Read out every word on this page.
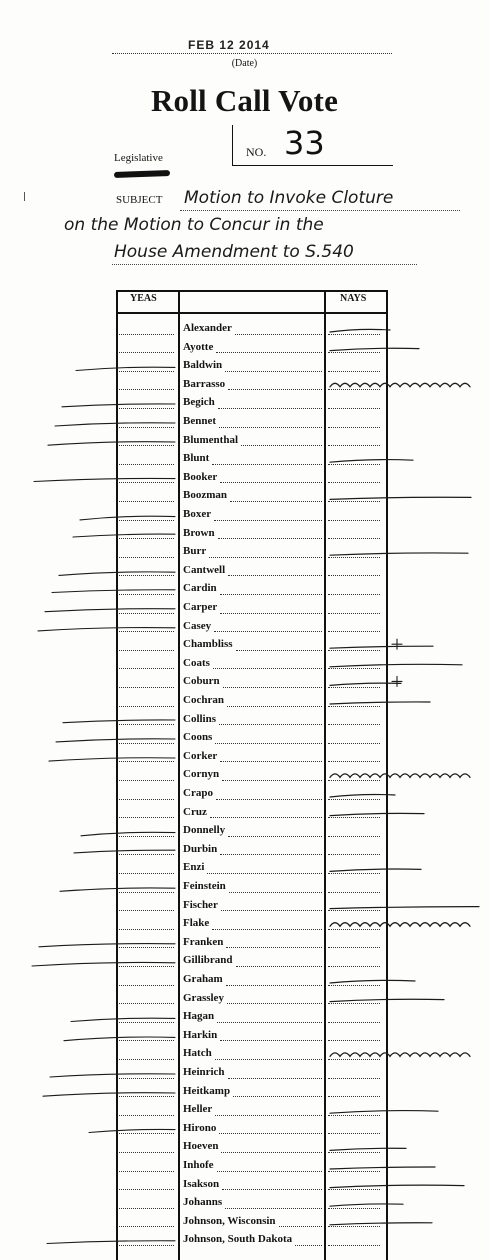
FEB 12 2014
(Date)
Roll Call Vote
NO. 33
Legislative
SUBJECT Motion to Invoke Cloture
on the Motion to Concur in the
House Amendment to S.540
YEAS	NAYS
Alexander
Ayotte
Baldwin
Barrasso
Begich
Bennet
Blumenthal
Blunt
Booker
Boozman
Boxer
Brown
Burr
Cantwell
Cardin
Carper
Casey
Chambliss
Coats
Coburn
Cochran
Collins
Coons
Corker
Cornyn
Crapo
Cruz
Donnelly
Durbin
Enzi
Feinstein
Fischer
Flake
Franken
Gillibrand
Graham
Grassley
Hagan
Harkin
Hatch
Heinrich
Heitkamp
Heller
Hirono
Hoeven
Inhofe
Isakson
Johanns
Johnson, Wisconsin
Johnson, South Dakota
